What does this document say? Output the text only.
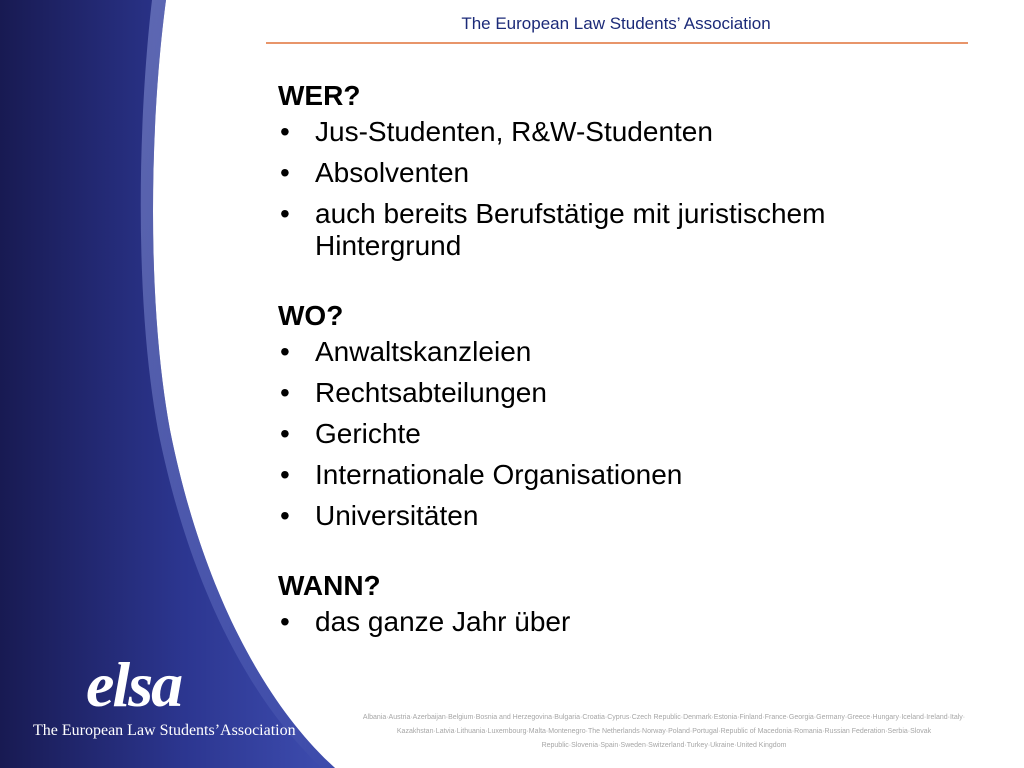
The European Law Students’ Association
WER?
• Jus-Studenten, R&W-Studenten
• Absolventen
• auch bereits Berufstätige mit juristischem Hintergrund
WO?
• Anwaltskanzleien
• Rechtsabteilungen
• Gerichte
• Internationale Organisationen
• Universitäten
WANN?
• das ganze Jahr über
elsa
The European Law Students’Association
Albania·Austria·Azerbaijan·Belgium·Bosnia and Herzegovina·Bulgaria·Croatia·Cyprus·Czech Republic·Denmark·Estonia·Finland·France·Georgia·Germany·Greece·Hungary·Iceland·Ireland·Italy·
Kazakhstan·Latvia·Lithuania·Luxembourg·Malta·Montenegro·The Netherlands·Norway·Poland·Portugal·Republic of Macedonia·Romania·Russian Federation·Serbia·Slovak
Republic·Slovenia·Spain·Sweden·Switzerland·Turkey·Ukraine·United Kingdom
